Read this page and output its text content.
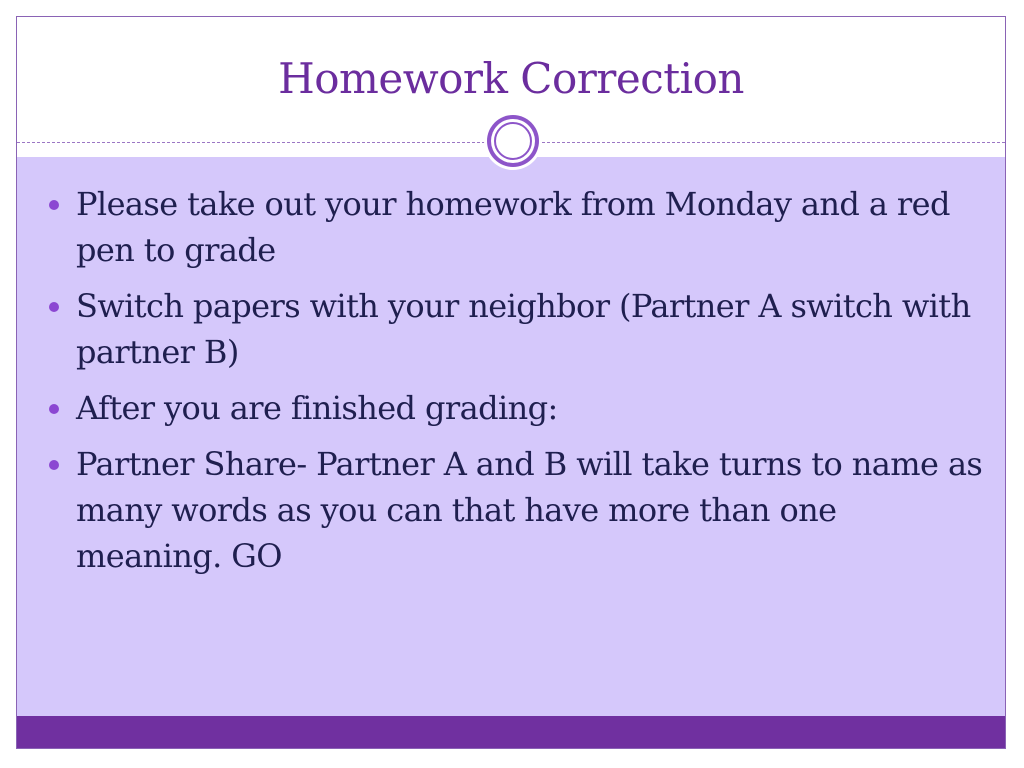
Homework Correction
Please take out your homework from Monday and a red pen to grade
Switch papers with your neighbor (Partner A switch with partner B)
After you are finished grading:
Partner Share- Partner A and B will take turns to name as many words as you can that have more than one meaning. GO
